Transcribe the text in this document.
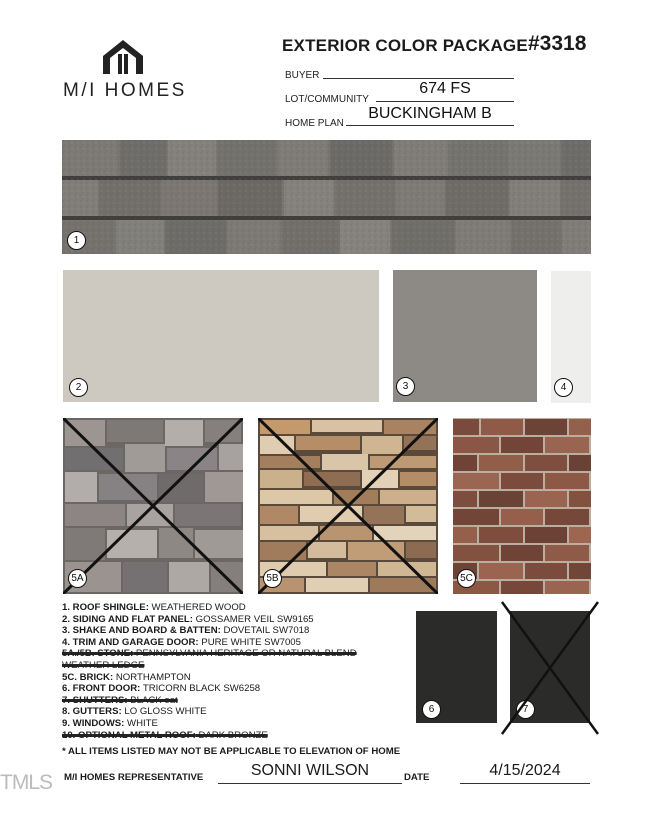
M/I HOMES
EXTERIOR COLOR PACKAGE #3318
BUYER
LOT/COMMUNITY
674 FS
HOME PLAN
BUCKINGHAM B
1
2	3	4
5A	5B	5C
6	7
1. ROOF SHINGLE: WEATHERED WOOD
2. SIDING AND FLAT PANEL: GOSSAMER VEIL SW9165
3. SHAKE AND BOARD & BATTEN: DOVETAIL SW7018
4. TRIM AND GARAGE DOOR: PURE WHITE SW7005
5A./5B. STONE: PENNSYLVANIA HERITAGE OR NATURAL BLEND
WEATHER LEDGE
5C. BRICK: NORTHAMPTON
6. FRONT DOOR: TRICORN BLACK SW6258
7. SHUTTERS: BLACK oat
8. GUTTERS: LO GLOSS WHITE
9. WINDOWS: WHITE
10. OPTIONAL METAL ROOF: DARK BRONZE
* ALL ITEMS LISTED MAY NOT BE APPLICABLE TO ELEVATION OF HOME
M/I HOMES REPRESENTATIVE	SONNI WILSON	DATE	4/15/2024
TMLS
